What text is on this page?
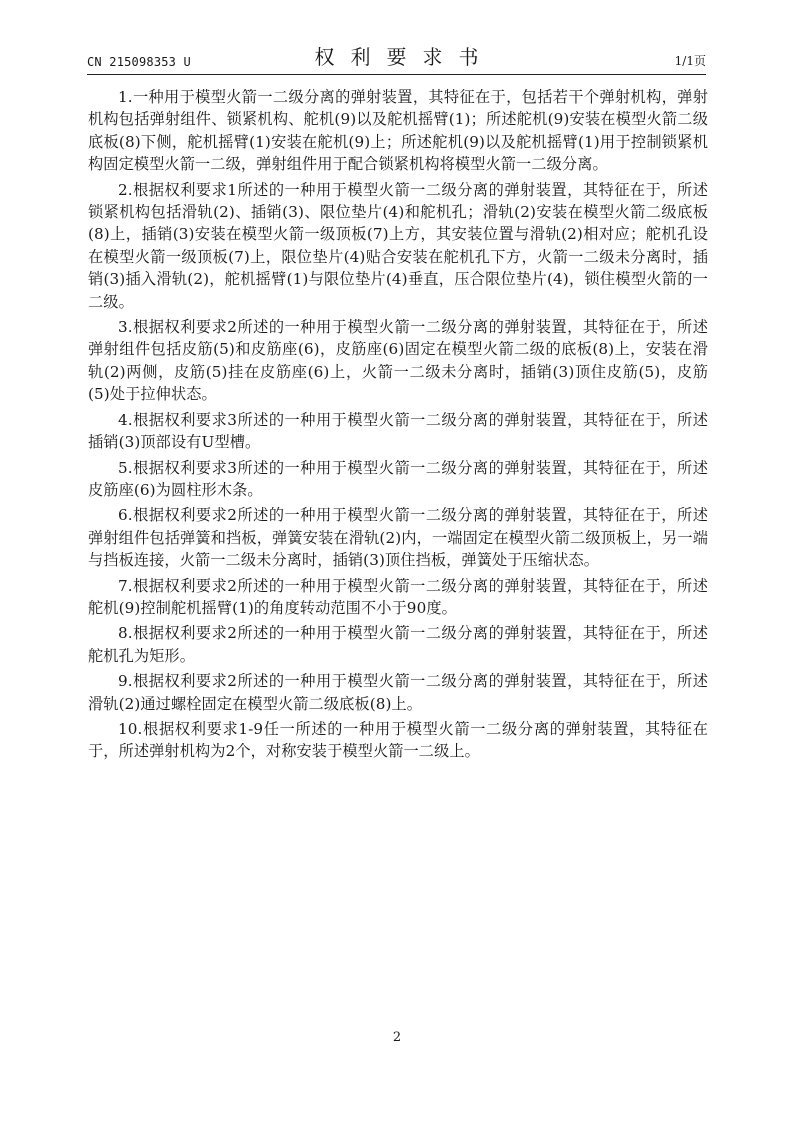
CN 215098353 U	权利要求书	1/1页

1.一种用于模型火箭一二级分离的弹射装置，其特征在于，包括若干个弹射机构，弹射机构包括弹射组件、锁紧机构、舵机(9)以及舵机摇臂(1)；所述舵机(9)安装在模型火箭二级底板(8)下侧，舵机摇臂(1)安装在舵机(9)上；所述舵机(9)以及舵机摇臂(1)用于控制锁紧机构固定模型火箭一二级，弹射组件用于配合锁紧机构将模型火箭一二级分离。

2.根据权利要求1所述的一种用于模型火箭一二级分离的弹射装置，其特征在于，所述锁紧机构包括滑轨(2)、插销(3)、限位垫片(4)和舵机孔；滑轨(2)安装在模型火箭二级底板(8)上，插销(3)安装在模型火箭一级顶板(7)上方，其安装位置与滑轨(2)相对应；舵机孔设在模型火箭一级顶板(7)上，限位垫片(4)贴合安装在舵机孔下方，火箭一二级未分离时，插销(3)插入滑轨(2)，舵机摇臂(1)与限位垫片(4)垂直，压合限位垫片(4)，锁住模型火箭的一二级。

3.根据权利要求2所述的一种用于模型火箭一二级分离的弹射装置，其特征在于，所述弹射组件包括皮筋(5)和皮筋座(6)，皮筋座(6)固定在模型火箭二级的底板(8)上，安装在滑轨(2)两侧，皮筋(5)挂在皮筋座(6)上，火箭一二级未分离时，插销(3)顶住皮筋(5)，皮筋(5)处于拉伸状态。

4.根据权利要求3所述的一种用于模型火箭一二级分离的弹射装置，其特征在于，所述插销(3)顶部设有U型槽。

5.根据权利要求3所述的一种用于模型火箭一二级分离的弹射装置，其特征在于，所述皮筋座(6)为圆柱形木条。

6.根据权利要求2所述的一种用于模型火箭一二级分离的弹射装置，其特征在于，所述弹射组件包括弹簧和挡板，弹簧安装在滑轨(2)内，一端固定在模型火箭二级顶板上，另一端与挡板连接，火箭一二级未分离时，插销(3)顶住挡板，弹簧处于压缩状态。

7.根据权利要求2所述的一种用于模型火箭一二级分离的弹射装置，其特征在于，所述舵机(9)控制舵机摇臂(1)的角度转动范围不小于90度。

8.根据权利要求2所述的一种用于模型火箭一二级分离的弹射装置，其特征在于，所述舵机孔为矩形。

9.根据权利要求2所述的一种用于模型火箭一二级分离的弹射装置，其特征在于，所述滑轨(2)通过螺栓固定在模型火箭二级底板(8)上。

10.根据权利要求1-9任一所述的一种用于模型火箭一二级分离的弹射装置，其特征在于，所述弹射机构为2个，对称安装于模型火箭一二级上。

2
